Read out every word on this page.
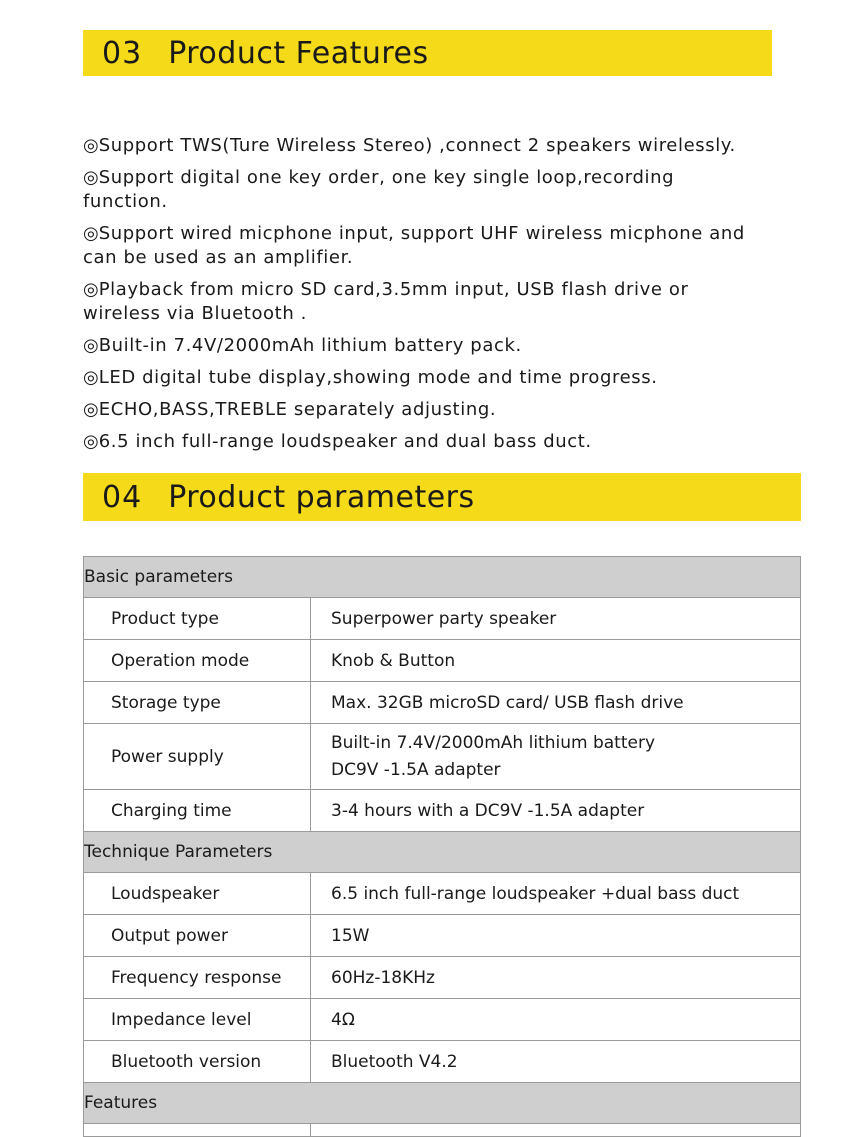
03 Product Features

◎Support TWS(Ture Wireless Stereo) ,connect 2 speakers wirelessly.

◎Support digital one key order, one key single loop,recording function.

◎Support wired micphone input, support UHF wireless micphone and can be used as an amplifier.

◎Playback from micro SD card,3.5mm input, USB flash drive or wireless via Bluetooth .

◎Built-in 7.4V/2000mAh lithium battery pack.

◎LED digital tube display,showing mode and time progress.

◎ECHO,BASS,TREBLE separately adjusting.

◎6.5 inch full-range loudspeaker and dual bass duct.

04 Product parameters
Basic parameters	
Product type	Superpower party speaker
Operation mode	Knob & Button
Storage type	Max. 32GB microSD card/ USB flash drive
Power supply	Built-in 7.4V/2000mAh lithium battery
DC9V -1.5A adapter

Charging time	3-4 hours with a DC9V -1.5A adapter
Technique Parameters	
Loudspeaker	6.5 inch full-range loudspeaker +dual bass duct
Output power	15W
Frequency response	60Hz-18KHz
Impedance level	4Ω
Bluetooth version	Bluetooth V4.2
Features	
